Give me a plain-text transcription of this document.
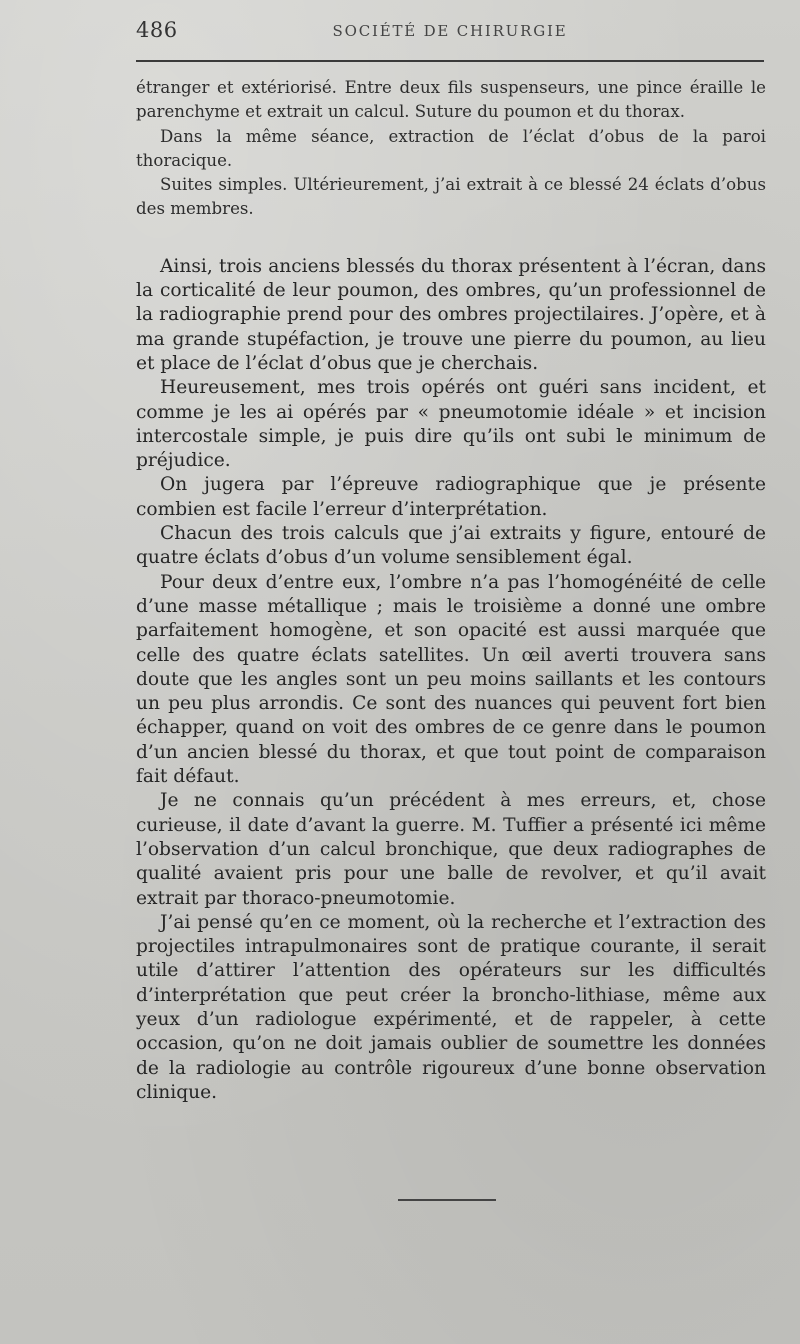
486	SOCIÉTÉ DE CHIRURGIE

étranger et extériorisé. Entre deux fils suspenseurs, une pince éraille le parenchyme et extrait un calcul. Suture du poumon et du thorax.

Dans la même séance, extraction de l’éclat d’obus de la paroi thoracique.

Suites simples. Ultérieurement, j’ai extrait à ce blessé 24 éclats d’obus des membres.

Ainsi, trois anciens blessés du thorax présentent à l’écran, dans la corticalité de leur poumon, des ombres, qu’un professionnel de la radiographie prend pour des ombres projectilaires. J’opère, et à ma grande stupéfaction, je trouve une pierre du poumon, au lieu et place de l’éclat d’obus que je cherchais.

Heureusement, mes trois opérés ont guéri sans incident, et comme je les ai opérés par « pneumotomie idéale » et incision intercostale simple, je puis dire qu’ils ont subi le minimum de préjudice.

On jugera par l’épreuve radiographique que je présente combien est facile l’erreur d’interprétation.

Chacun des trois calculs que j’ai extraits y figure, entouré de quatre éclats d’obus d’un volume sensiblement égal.

Pour deux d’entre eux, l’ombre n’a pas l’homogénéité de celle d’une masse métallique ; mais le troisième a donné une ombre parfaitement homogène, et son opacité est aussi marquée que celle des quatre éclats satellites. Un œil averti trouvera sans doute que les angles sont un peu moins saillants et les contours un peu plus arrondis. Ce sont des nuances qui peuvent fort bien échapper, quand on voit des ombres de ce genre dans le poumon d’un ancien blessé du thorax, et que tout point de comparaison fait défaut.

Je ne connais qu’un précédent à mes erreurs, et, chose curieuse, il date d’avant la guerre. M. Tuffier a présenté ici même l’observation d’un calcul bronchique, que deux radiographes de qualité avaient pris pour une balle de revolver, et qu’il avait extrait par thoraco-pneumotomie.

J’ai pensé qu’en ce moment, où la recherche et l’extraction des projectiles intrapulmonaires sont de pratique courante, il serait utile d’attirer l’attention des opérateurs sur les difficultés d’interprétation que peut créer la broncho-lithiase, même aux yeux d’un radiologue expérimenté, et de rappeler, à cette occasion, qu’on ne doit jamais oublier de soumettre les données de la radiologie au contrôle rigoureux d’une bonne observation clinique.
